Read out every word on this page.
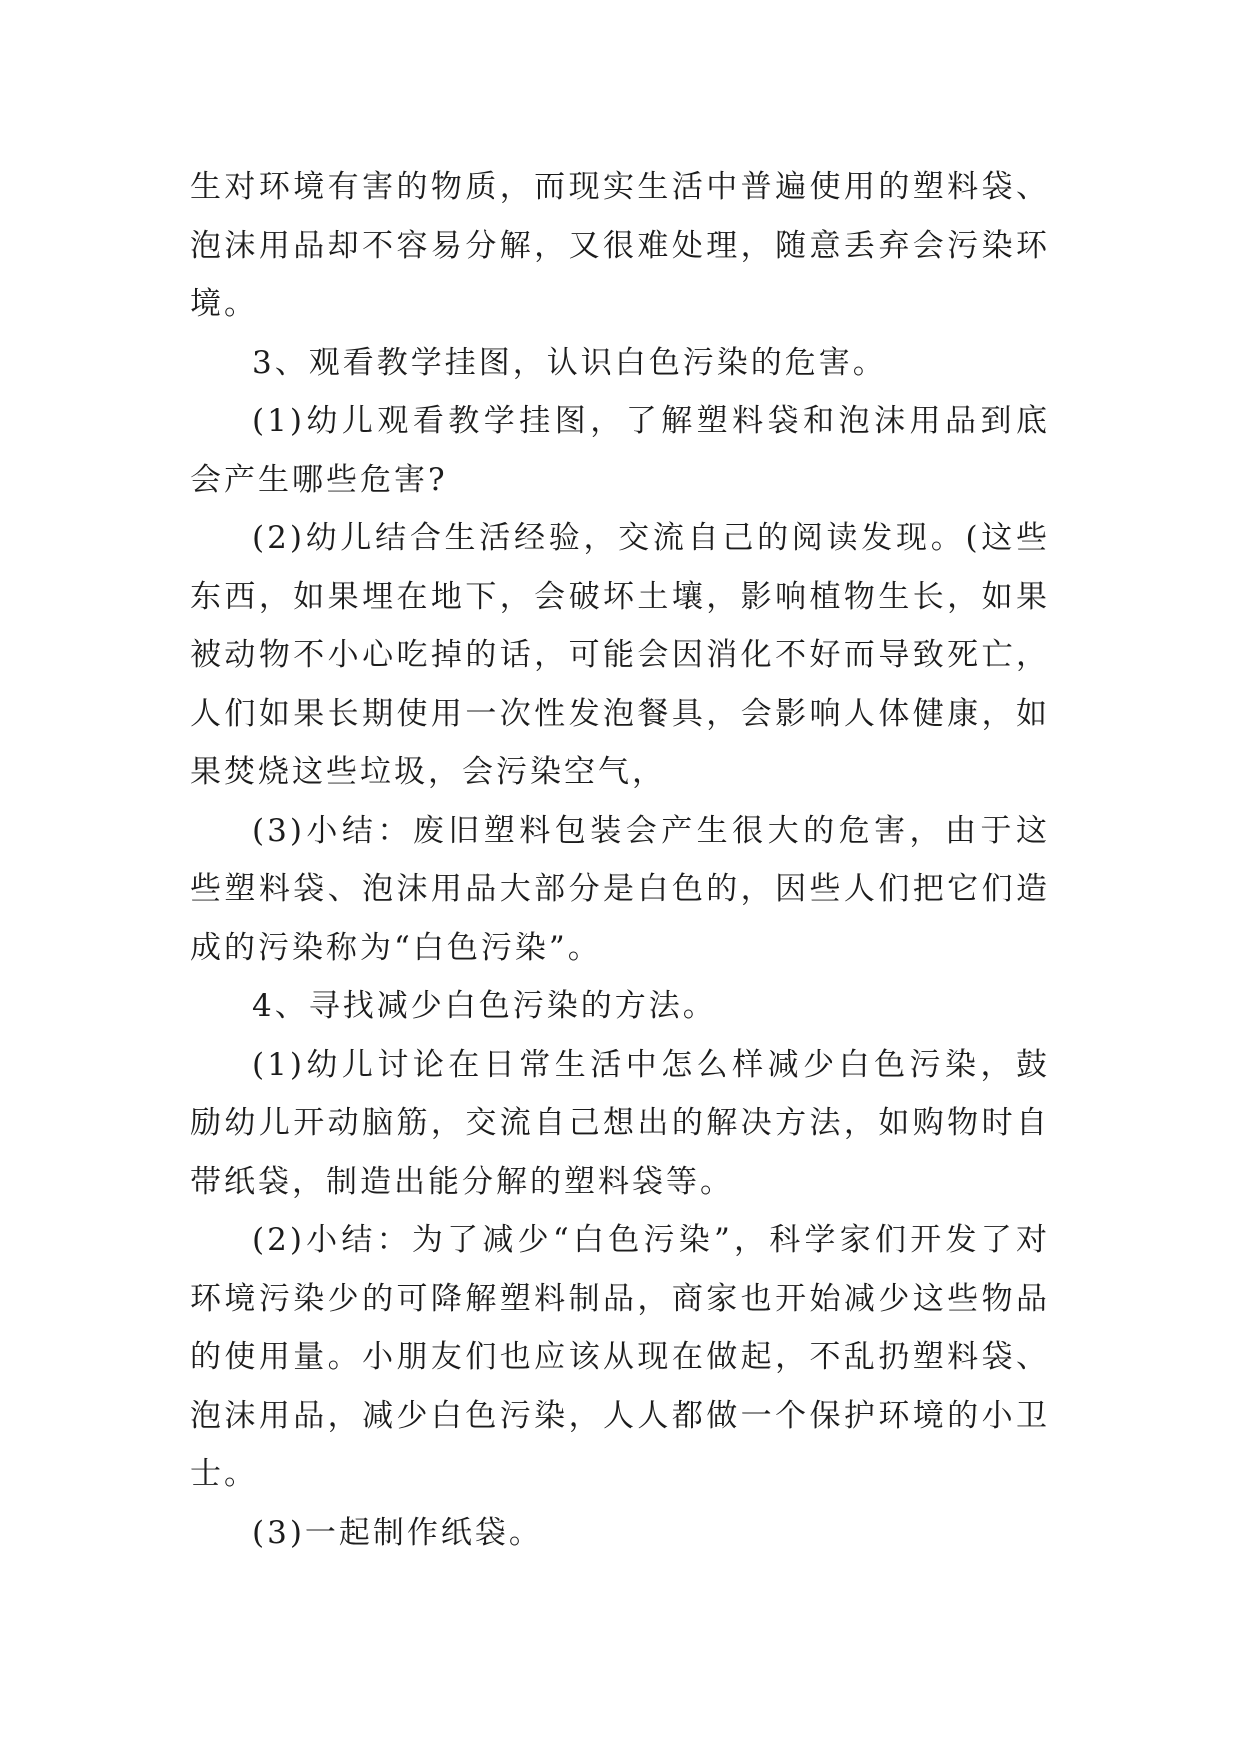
生对环境有害的物质，而现实生活中普遍使用的塑料袋、泡沫用品却不容易分解，又很难处理，随意丢弃会污染环境。

3、观看教学挂图，认识白色污染的危害。

(1)幼儿观看教学挂图，了解塑料袋和泡沫用品到底会产生哪些危害?

(2)幼儿结合生活经验，交流自己的阅读发现。(这些东西，如果埋在地下，会破坏土壤，影响植物生长，如果被动物不小心吃掉的话，可能会因消化不好而导致死亡，人们如果长期使用一次性发泡餐具，会影响人体健康，如果焚烧这些垃圾，会污染空气，

(3)小结：废旧塑料包装会产生很大的危害，由于这些塑料袋、泡沫用品大部分是白色的，因些人们把它们造成的污染称为“白色污染”。

4、寻找减少白色污染的方法。

(1)幼儿讨论在日常生活中怎么样减少白色污染，鼓励幼儿开动脑筋，交流自己想出的解决方法，如购物时自带纸袋，制造出能分解的塑料袋等。

(2)小结：为了减少“白色污染”，科学家们开发了对环境污染少的可降解塑料制品，商家也开始减少这些物品的使用量。小朋友们也应该从现在做起，不乱扔塑料袋、泡沫用品，减少白色污染，人人都做一个保护环境的小卫士。

(3)一起制作纸袋。
